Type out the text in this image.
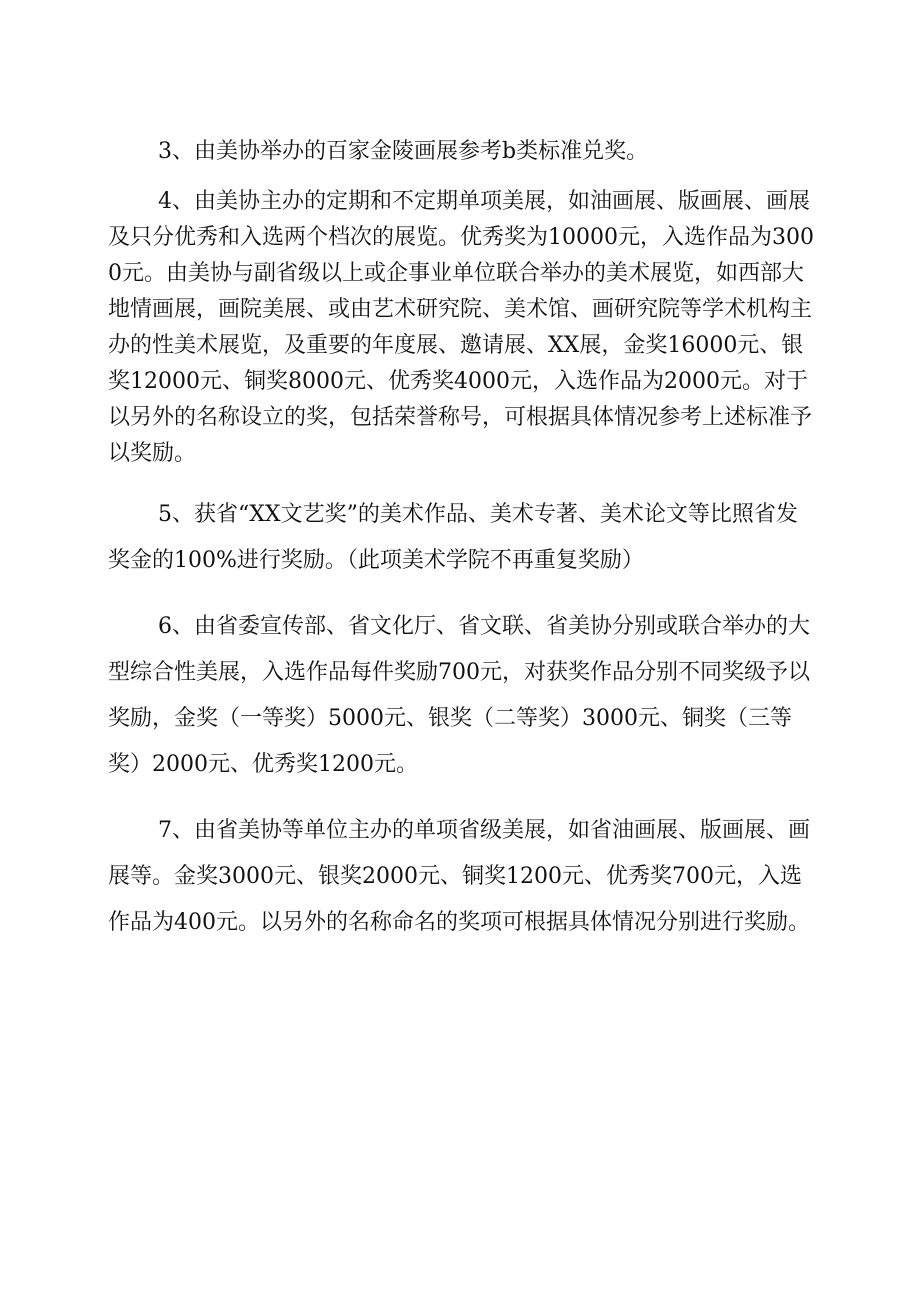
3、由美协举办的百家金陵画展参考b类标准兑奖。

4、由美协主办的定期和不定期单项美展，如油画展、版画展、画展及只分优秀和入选两个档次的展览。优秀奖为10000元，入选作品为3000元。由美协与副省级以上或企事业单位联合举办的美术展览，如西部大地情画展，画院美展、或由艺术研究院、美术馆、画研究院等学术机构主办的性美术展览，及重要的年度展、邀请展、XX展，金奖16000元、银奖12000元、铜奖8000元、优秀奖4000元，入选作品为2000元。对于以另外的名称设立的奖，包括荣誉称号，可根据具体情况参考上述标准予以奖励。

5、获省“XX文艺奖”的美术作品、美术专著、美术论文等比照省发奖金的100%进行奖励。（此项美术学院不再重复奖励）

6、由省委宣传部、省文化厅、省文联、省美协分别或联合举办的大型综合性美展，入选作品每件奖励700元，对获奖作品分别不同奖级予以奖励，金奖（一等奖）5000元、银奖（二等奖）3000元、铜奖（三等奖）2000元、优秀奖1200元。

7、由省美协等单位主办的单项省级美展，如省油画展、版画展、画展等。金奖3000元、银奖2000元、铜奖1200元、优秀奖700元，入选作品为400元。以另外的名称命名的奖项可根据具体情况分别进行奖励。
